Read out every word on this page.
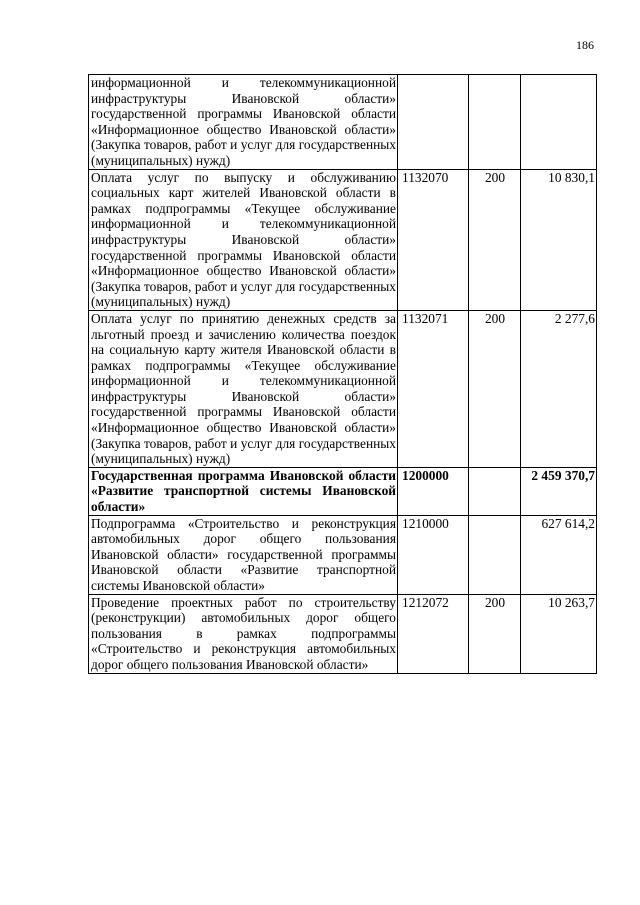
186
информационной и телекоммуникационной инфраструктуры Ивановской области» государственной программы Ивановской области «Информационное общество Ивановской области» (Закупка товаров, работ и услуг для государственных (муниципальных) нужд)			
Оплата услуг по выпуску и обслуживанию социальных карт жителей Ивановской области в рамках подпрограммы «Текущее обслуживание информационной и телекоммуникационной инфраструктуры Ивановской области» государственной программы Ивановской области «Информационное общество Ивановской области» (Закупка товаров, работ и услуг для государственных (муниципальных) нужд)	1132070	200	10 830,1
Оплата услуг по принятию денежных средств за льготный проезд и зачислению количества поездок на социальную карту жителя Ивановской области в рамках подпрограммы «Текущее обслуживание информационной и телекоммуникационной инфраструктуры Ивановской области» государственной программы Ивановской области «Информационное общество Ивановской области» (Закупка товаров, работ и услуг для государственных (муниципальных) нужд)	1132071	200	2 277,6
Государственная программа Ивановской области «Развитие транспортной системы Ивановской области»	1200000		2 459 370,7
Подпрограмма «Строительство и реконструкция автомобильных дорог общего пользования Ивановской области» государственной программы Ивановской области «Развитие транспортной системы Ивановской области»	1210000		627 614,2
Проведение проектных работ по строительству (реконструкции) автомобильных дорог общего пользования в рамках подпрограммы «Строительство и реконструкция автомобильных дорог общего пользования Ивановской области»	1212072	200	10 263,7
